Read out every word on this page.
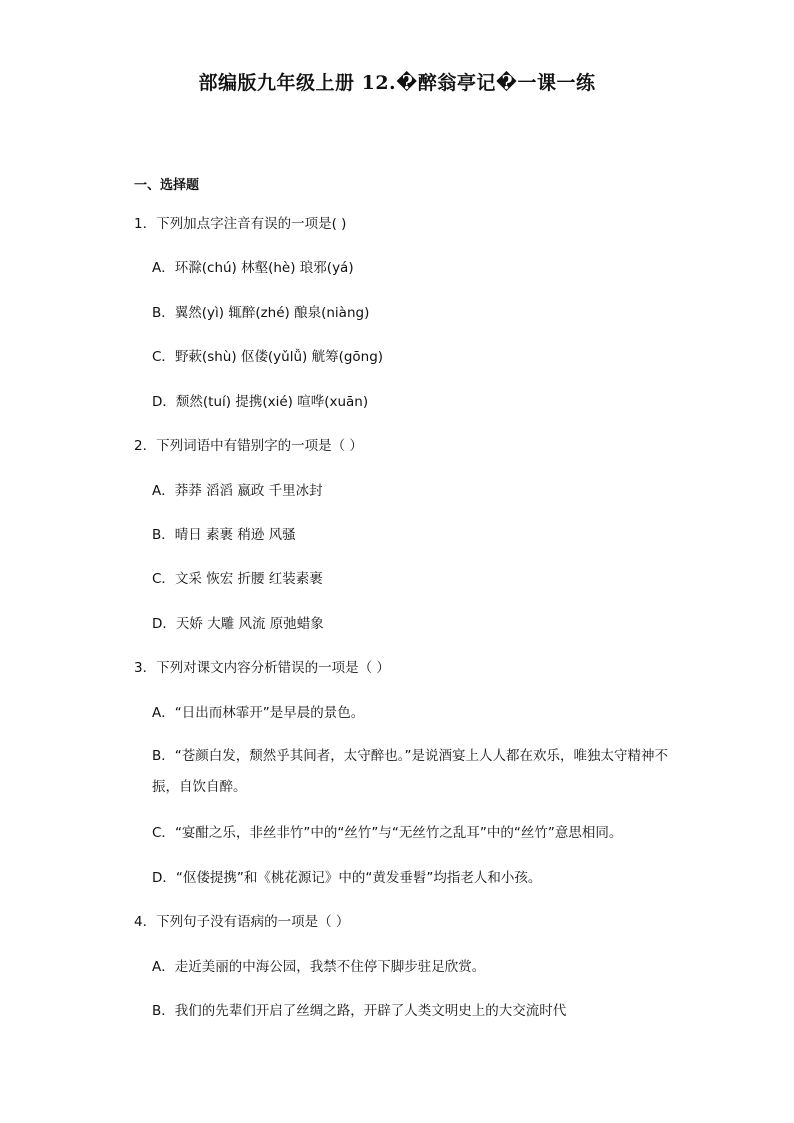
部编版九年级上册 12.�醉翁亭记�一课一练
一、选择题
1．下列加点字注音有误的一项是( )
A．环滁(chú) 林壑(hè) 琅邪(yá)
B．翼然(yì) 辄醉(zhé) 酿泉(niàng)
C．野蔌(shù) 伛偻(yǔlǚ) 觥筹(gōng)
D．颓然(tuí) 提携(xié) 喧哗(xuān)
2．下列词语中有错别字的一项是（ ）
A．莽莽 滔滔 嬴政 千里冰封
B．晴日 素裹 稍逊 风骚
C．文采 恢宏 折腰 红装素裹
D．天娇 大雕 风流 原弛蜡象
3．下列对课文内容分析错误的一项是（ ）
A．“日出而林霏开”是早晨的景色。
B．“苍颜白发，颓然乎其间者，太守醉也。”是说酒宴上人人都在欢乐，唯独太守精神不振，自饮自醉。
C．“宴酣之乐，非丝非竹”中的“丝竹”与“无丝竹之乱耳”中的“丝竹”意思相同。
D．“伛偻提携”和《桃花源记》中的“黄发垂髫”均指老人和小孩。
4．下列句子没有语病的一项是（ ）
A．走近美丽的中海公园，我禁不住停下脚步驻足欣赏。
B．我们的先辈们开启了丝绸之路，开辟了人类文明史上的大交流时代
